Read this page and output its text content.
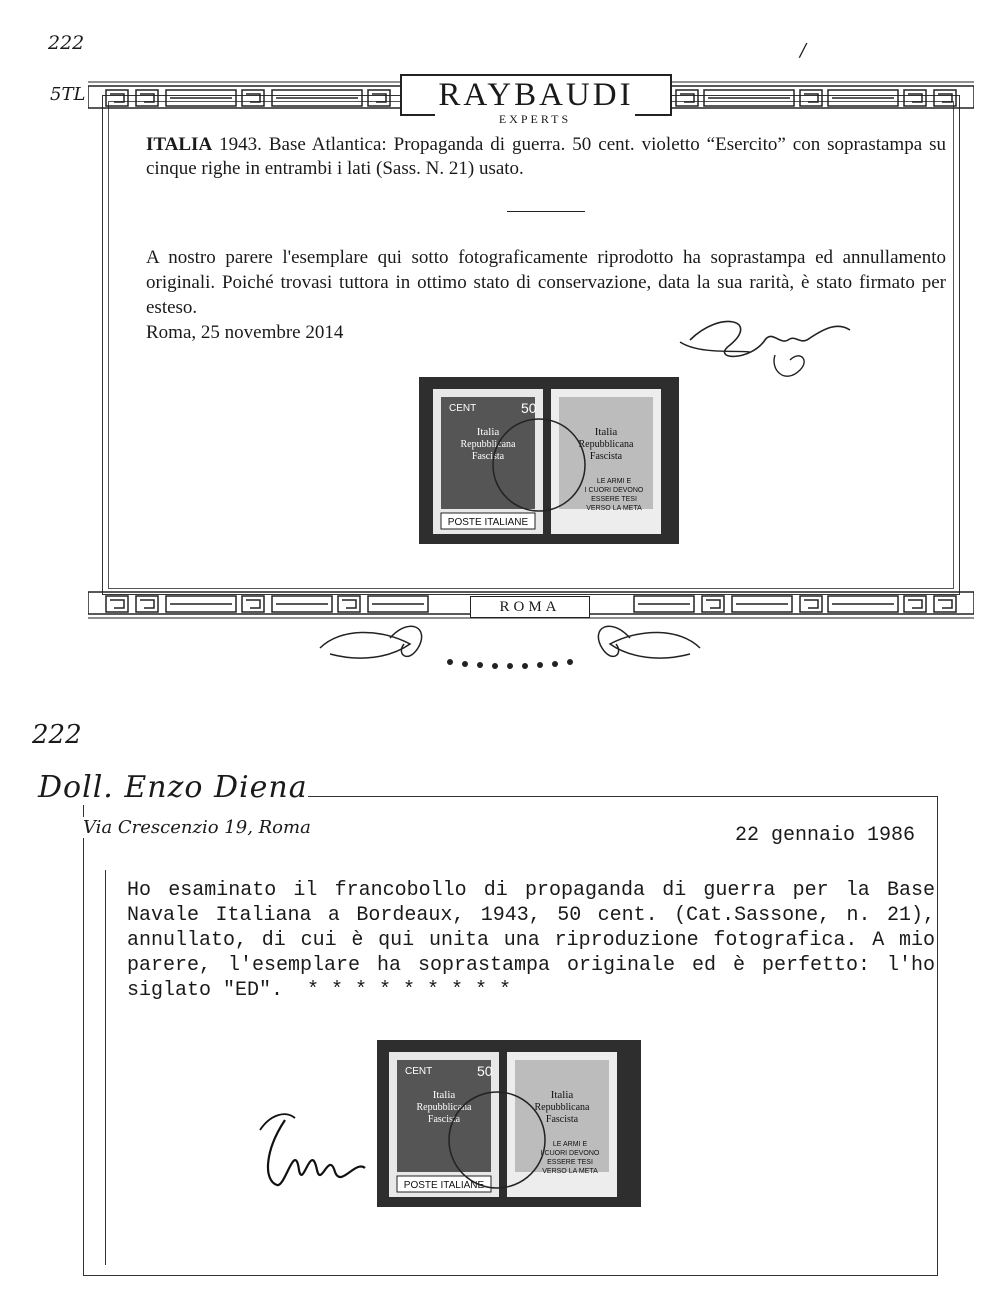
222
5TL
/
RAYBAUDI
EXPERTS
ITALIA 1943. Base Atlantica: Propaganda di guerra. 50 cent. violetto “Esercito” con soprastampa su cinque righe in entrambi i lati (Sass. N. 21) usato.
A nostro parere l'esemplare qui sotto fotograficamente riprodotto ha soprastampa ed annullamento originali. Poiché trovasi tuttora in ottimo stato di conservazione, data la sua rarità, è stato firmato per esteso.
Roma, 25 novembre 2014
POSTE ITALIANE
CENT	50
Italia
Repubblicana
Fascista
Italia
Repubblicana
Fascista
LE ARMI E
I CUORI DEVONO
ESSERE TESI
VERSO LA META
ROMA
222
Doll. Enzo Diena
Via Crescenzio 19, Roma	22 gennaio 1986
Ho esaminato il francobollo di propaganda di guerra per la Base Navale Italiana a Bordeaux, 1943, 50 cent. (Cat.Sassone, n. 21), annullato, di cui è qui unita una riproduzione fotografica. A mio parere, l'esemplare ha soprastampa originale ed è perfetto: l'ho siglato "ED".  * * * * * * * * *
POSTE ITALIANE
CENT	50
Italia
Repubblicana
Fascista
Italia
Repubblicana
Fascista
LE ARMI E
I CUORI DEVONO
ESSERE TESI
VERSO LA META
